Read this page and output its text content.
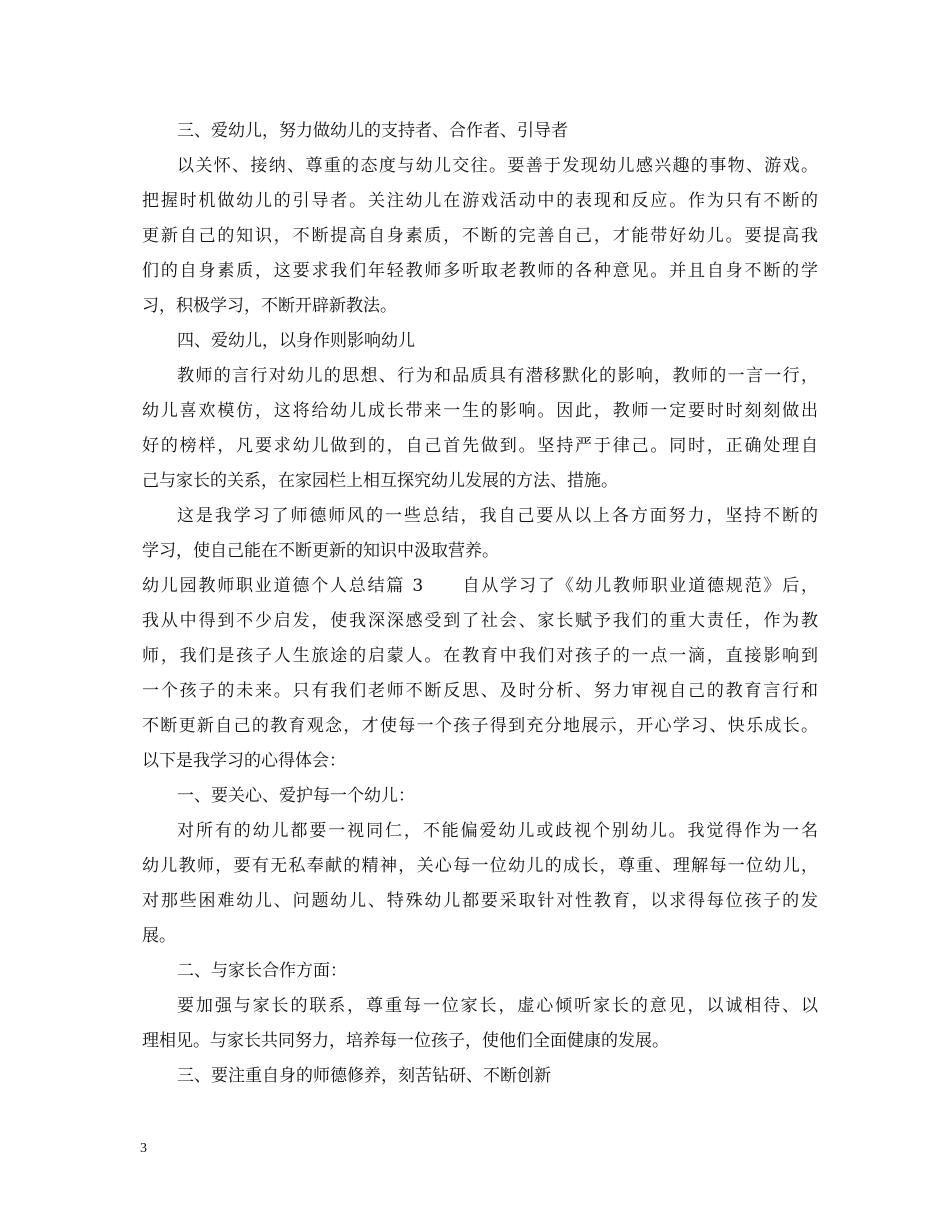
三、爱幼儿，努力做幼儿的支持者、合作者、引导者
以关怀、接纳、尊重的态度与幼儿交往。要善于发现幼儿感兴趣的事物、游戏。
把握时机做幼儿的引导者。关注幼儿在游戏活动中的表现和反应。作为只有不断的
更新自己的知识，不断提高自身素质，不断的完善自己，才能带好幼儿。要提高我
们的自身素质，这要求我们年轻教师多听取老教师的各种意见。并且自身不断的学
习，积极学习，不断开辟新教法。
四、爱幼儿，以身作则影响幼儿
教师的言行对幼儿的思想、行为和品质具有潜移默化的影响，教师的一言一行，
幼儿喜欢模仿，这将给幼儿成长带来一生的影响。因此，教师一定要时时刻刻做出
好的榜样，凡要求幼儿做到的，自己首先做到。坚持严于律己。同时，正确处理自
己与家长的关系，在家园栏上相互探究幼儿发展的方法、措施。
这是我学习了师德师风的一些总结，我自己要从以上各方面努力，坚持不断的
学习，使自己能在不断更新的知识中汲取营养。
幼儿园教师职业道德个人总结篇 3　　自从学习了《幼儿教师职业道德规范》后，
我从中得到不少启发，使我深深感受到了社会、家长赋予我们的重大责任，作为教
师，我们是孩子人生旅途的启蒙人。在教育中我们对孩子的一点一滴，直接影响到
一个孩子的未来。只有我们老师不断反思、及时分析、努力审视自己的教育言行和
不断更新自己的教育观念，才使每一个孩子得到充分地展示，开心学习、快乐成长。
以下是我学习的心得体会：
一、要关心、爱护每一个幼儿：
对所有的幼儿都要一视同仁，不能偏爱幼儿或歧视个别幼儿。我觉得作为一名
幼儿教师，要有无私奉献的精神，关心每一位幼儿的成长，尊重、理解每一位幼儿，
对那些困难幼儿、问题幼儿、特殊幼儿都要采取针对性教育，以求得每位孩子的发
展。
二、与家长合作方面：
要加强与家长的联系，尊重每一位家长，虚心倾听家长的意见，以诚相待、以
理相见。与家长共同努力，培养每一位孩子，使他们全面健康的发展。
三、要注重自身的师德修养，刻苦钻研、不断创新
3
